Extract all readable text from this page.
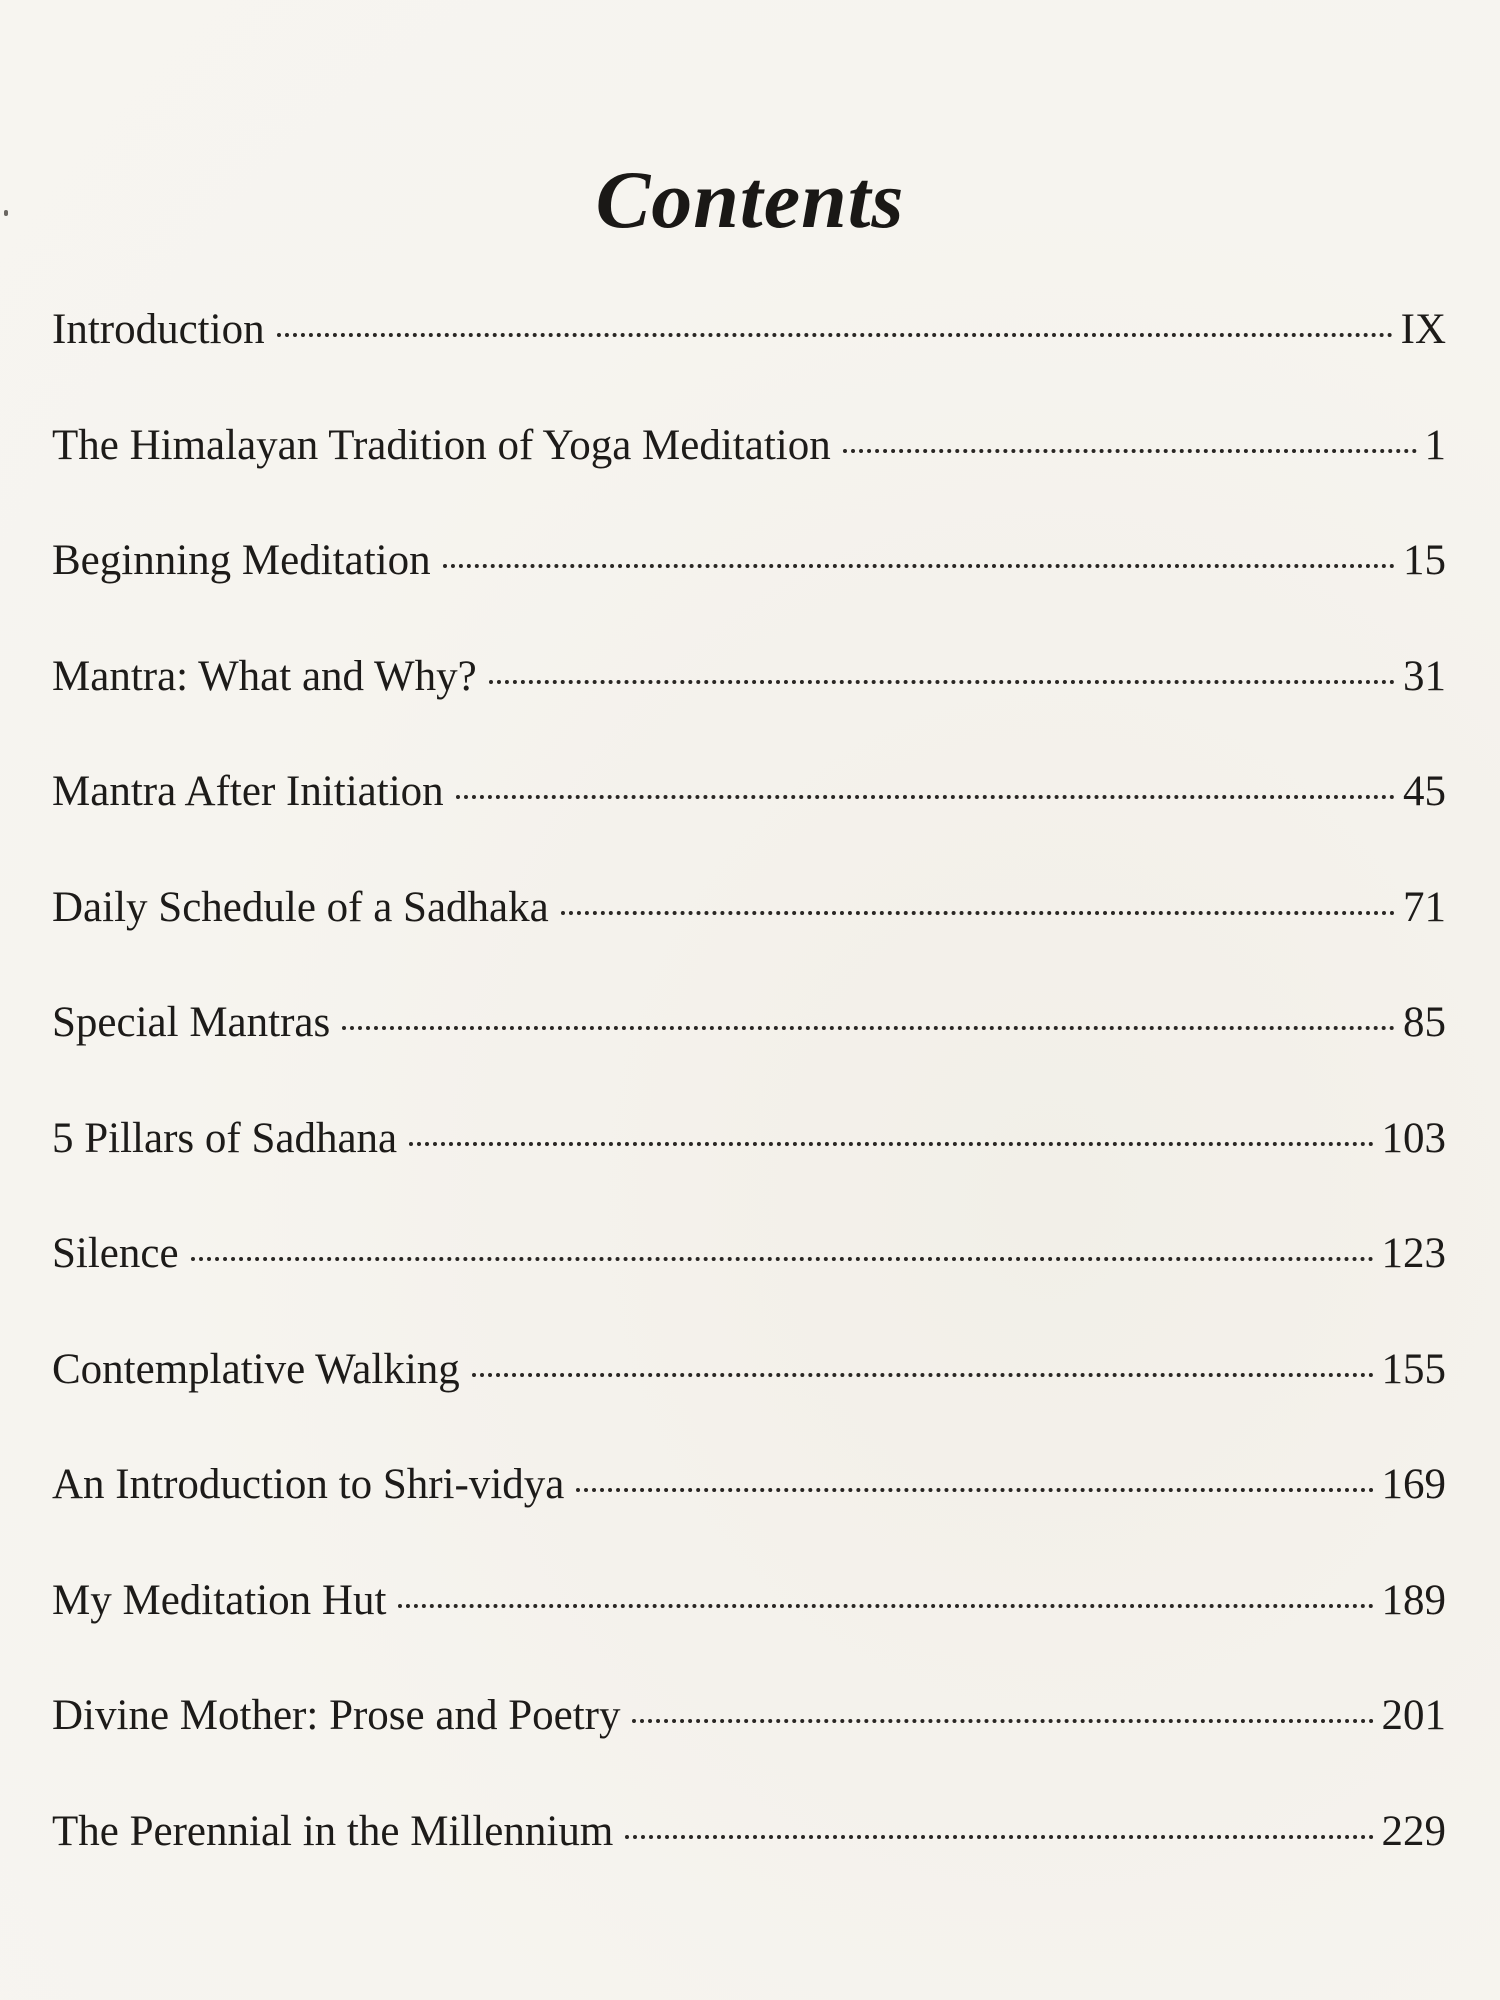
Contents
Introduction	IX
The Himalayan Tradition of Yoga Meditation	1
Beginning Meditation	15
Mantra: What and Why?	31
Mantra After Initiation	45
Daily Schedule of a Sadhaka	71
Special Mantras	85
5 Pillars of Sadhana	103
Silence	123
Contemplative Walking	155
An Introduction to Shri-vidya	169
My Meditation Hut	189
Divine Mother: Prose and Poetry	201
The Perennial in the Millennium	229
